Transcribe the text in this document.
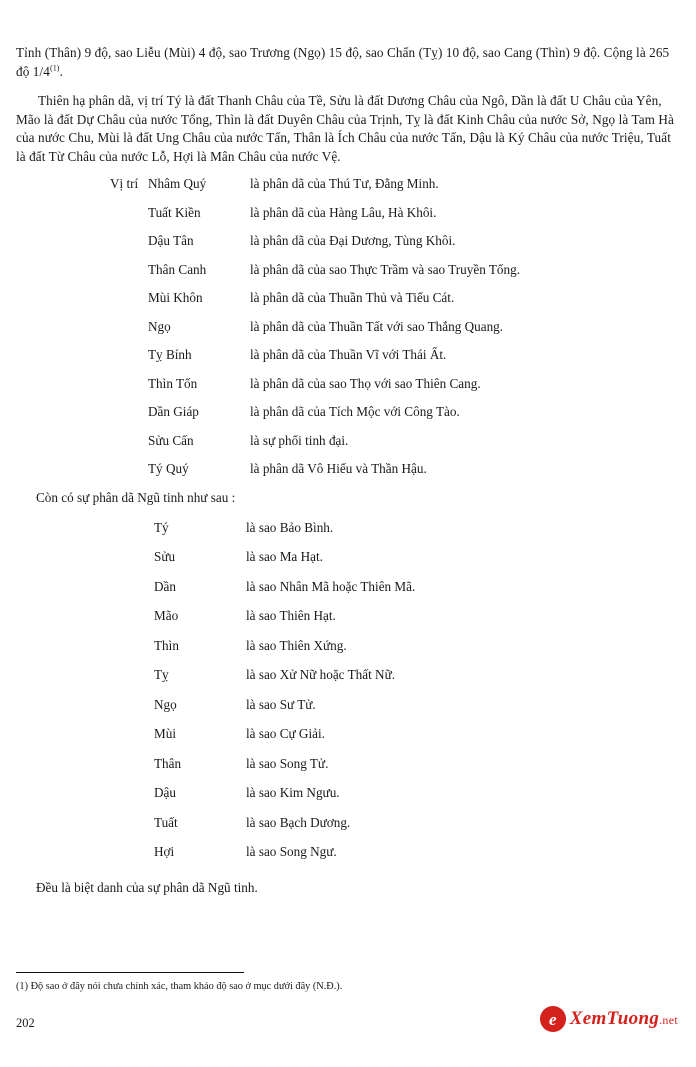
Tỉnh (Thân) 9 độ, sao Liễu (Mùi) 4 độ, sao Trương (Ngọ) 15 độ, sao Chẩn (Tỵ) 10 độ, sao Cang (Thìn) 9 độ. Cộng là 265 độ 1/4$^{(1)}$.

Thiên hạ phân dã, vị trí Tý là đất Thanh Châu của Tề, Sửu là đất Dương Châu của Ngô, Dần là đất U Châu của Yên, Mão là đất Dự Châu của nước Tống, Thìn là đất Duyên Châu của Trịnh, Tỵ là đất Kinh Châu của nước Sở, Ngọ là Tam Hà của nước Chu, Mùi là đất Ung Châu của nước Tấn, Thân là Ích Châu của nước Tấn, Dậu là Ký Châu của nước Triệu, Tuất là đất Từ Châu của nước Lỗ, Hợi là Mân Châu của nước Vệ.

Vị trí Nhâm Quý	là phân dã của Thú Tư, Đằng Minh.
Tuất Kiền	là phân dã của Hàng Lâu, Hà Khôi.
Dậu Tân	là phân dã của Đại Dương, Tùng Khôi.
Thân Canh	là phân dã của sao Thực Trầm và sao Truyền Tống.
Mùi Khôn	là phân dã của Thuần Thủ và Tiểu Cát.
Ngọ	là phân dã của Thuần Tất với sao Thắng Quang.
Tỵ Bính	là phân dã của Thuần Vĩ với Thái Ất.
Thìn Tốn	là phân dã của sao Thọ với sao Thiên Cang.
Dần Giáp	là phân dã của Tích Mộc với Công Tào.
Sửu Cấn	là sự phối tinh đại.
Tý Quý	là phân dã Vô Hiếu và Thần Hậu.
Còn có sự phân dã Ngũ tinh như sau :
Tý	là sao Bảo Bình.
Sửu	là sao Ma Hạt.
Dần	là sao Nhân Mã hoặc Thiên Mã.
Mão	là sao Thiên Hạt.
Thìn	là sao Thiên Xứng.
Tỵ	là sao Xử Nữ hoặc Thất Nữ.
Ngọ	là sao Sư Tử.
Mùi	là sao Cự Giải.
Thân	là sao Song Tử.
Dậu	là sao Kim Ngưu.
Tuất	là sao Bạch Dương.
Hợi	là sao Song Ngư.
Đều là biệt danh của sự phân dã Ngũ tinh.
(1) Độ sao ở đây nói chưa chính xác, tham khảo độ sao ở mục dưới đây (N.Đ.).
202	e XemTuong.net
